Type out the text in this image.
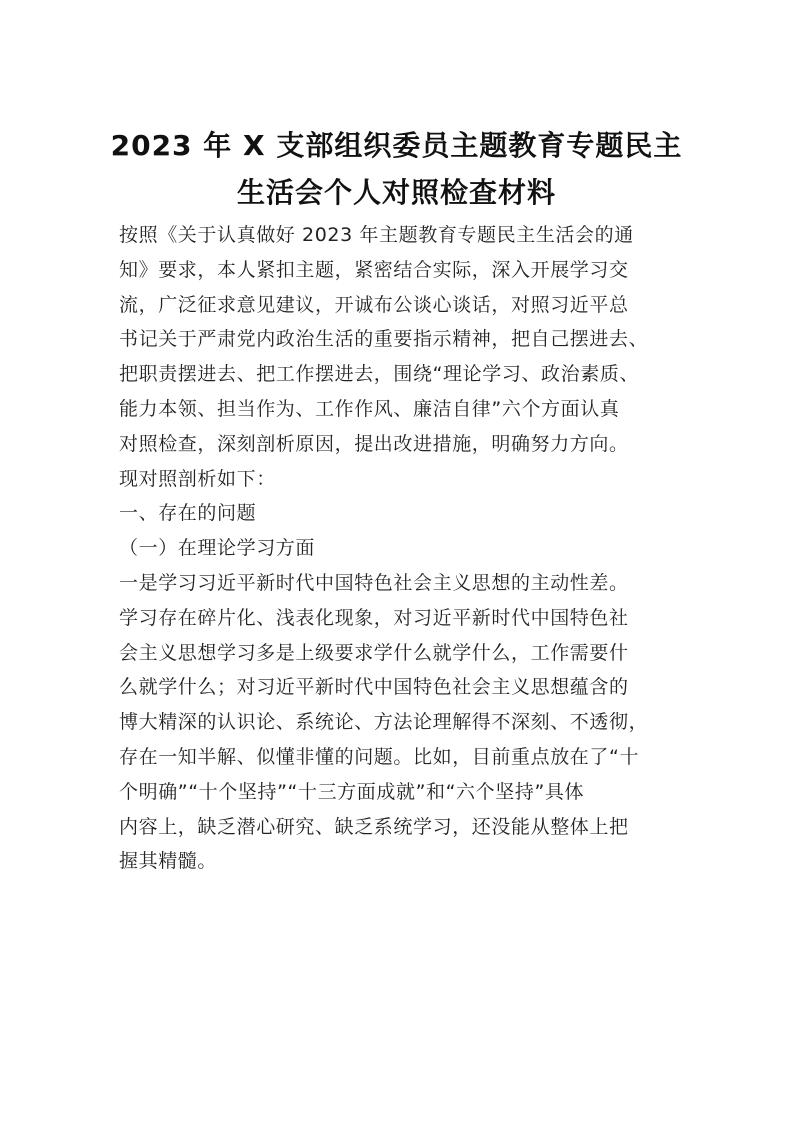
2023 年 X 支部组织委员主题教育专题民主
生活会个人对照检查材料
按照《关于认真做好 2023 年主题教育专题民主生活会的通
知》要求，本人紧扣主题，紧密结合实际，深入开展学习交
流，广泛征求意见建议，开诚布公谈心谈话，对照习近平总
书记关于严肃党内政治生活的重要指示精神，把自己摆进去、
把职责摆进去、把工作摆进去，围绕“理论学习、政治素质、
能力本领、担当作为、工作作风、廉洁自律”六个方面认真
对照检查，深刻剖析原因，提出改进措施，明确努力方向。
现对照剖析如下：
一、存在的问题
（一）在理论学习方面
一是学习习近平新时代中国特色社会主义思想的主动性差。
学习存在碎片化、浅表化现象，对习近平新时代中国特色社
会主义思想学习多是上级要求学什么就学什么，工作需要什
么就学什么；对习近平新时代中国特色社会主义思想蕴含的
博大精深的认识论、系统论、方法论理解得不深刻、不透彻，
存在一知半解、似懂非懂的问题。比如，目前重点放在了“十
个明确”“十个坚持”“十三方面成就”和“六个坚持”具体
内容上，缺乏潜心研究、缺乏系统学习，还没能从整体上把
握其精髓。
